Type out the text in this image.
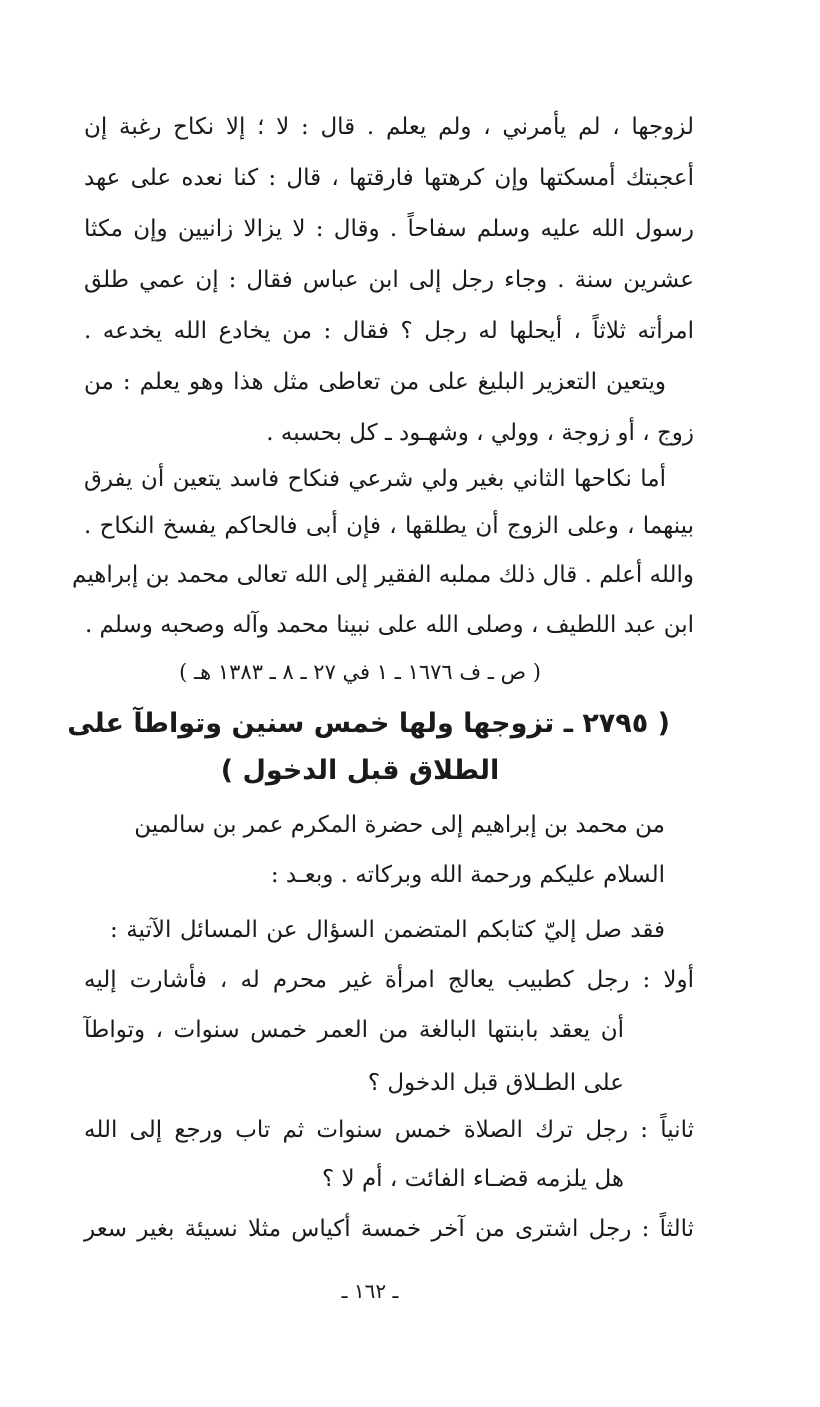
لزوجها ، لم يأمرني ، ولم يعلم . قال : لا ؛ إلا نكاح رغبة إن
أعجبتك أمسكتها وإن كرهتها فارقتها ، قال : كنا نعده على عهد
رسول الله عليه وسلم سفاحاً . وقال : لا يزالا زانيين وإن مكثا
عشرين سنة . وجاء رجل إلى ابن عباس فقال : إن عمي طلق
امرأته ثلاثاً ، أيحلها له رجل ؟ فقال : من يخادع الله يخدعه .
ويتعين التعزير البليغ على من تعاطى مثل هذا وهو يعلم : من
زوج ، أو زوجة ، وولي ، وشهـود ـ كل بحسبه .
أما نكاحها الثاني بغير ولي شرعي فنكاح فاسد يتعين أن يفرق
بينهما ، وعلى الزوج أن يطلقها ، فإن أبى فالحاكم يفسخ النكاح .
والله أعلم . قال ذلك مملبه الفقير إلى الله تعالى محمد بن إبراهيم
ابن عبد اللطيف ، وصلى الله على نبينا محمد وآله وصحبه وسلم .
( ص ـ ف ١٦٧٦ ـ ١ في ٢٧ ـ ٨ ـ ١٣٨٣ هـ )
( ٢٧٩٥ ـ تزوجها ولها خمس سنين وتواطآ على
الطلاق قبل الدخول )
من محمد بن إبراهيم إلى حضرة المكرم عمر بن سالمين
السلام عليكم ورحمة الله وبركاته . وبعـد :
فقد صل إليّ كتابكم المتضمن السؤال عن المسائل الآتية :
أولا : رجل كطبيب يعالج امرأة غير محرم له ، فأشارت إليه
أن يعقد بابنتها البالغة من العمر خمس سنوات ، وتواطآ
على الطـلاق قبل الدخول ؟
ثانياً : رجل ترك الصلاة خمس سنوات ثم تاب ورجع إلى الله
هل يلزمه قضـاء الفائت ، أم لا ؟
ثالثاً : رجل اشترى من آخر خمسة أكياس مثلا نسيئة بغير سعر
ـ ١٦٢ ـ
